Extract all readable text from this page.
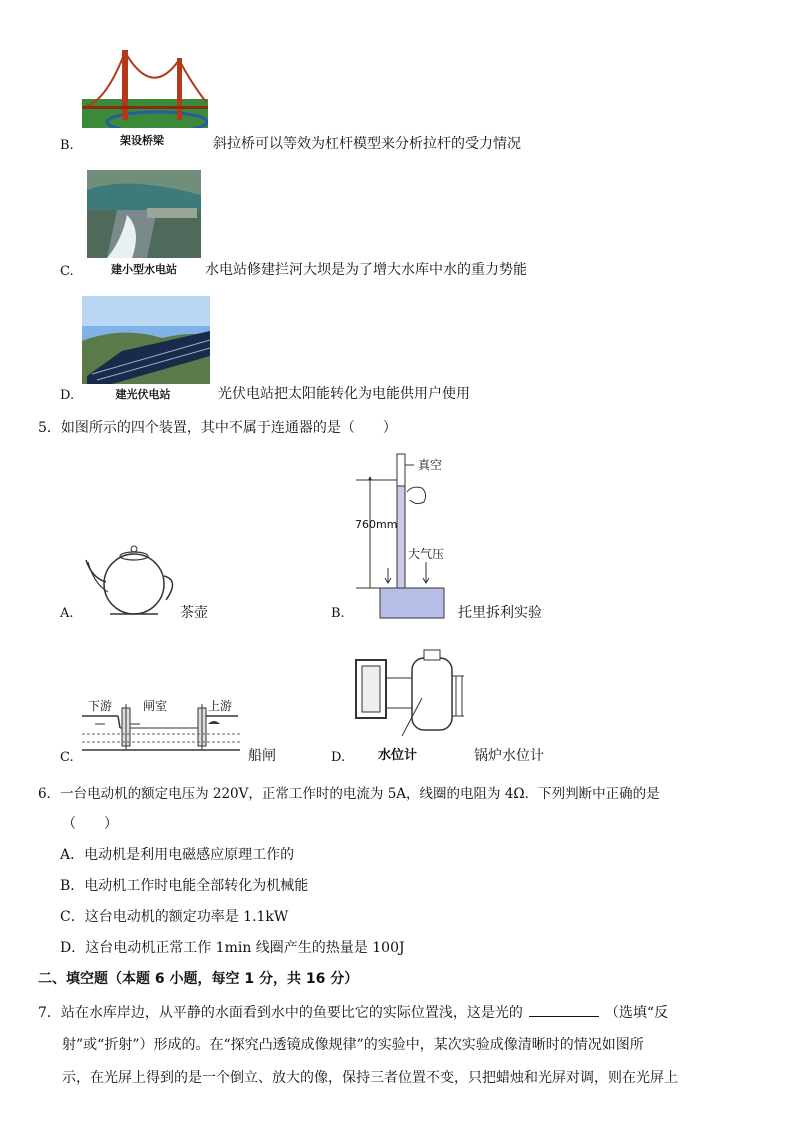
架设桥梁
B.	斜拉桥可以等效为杠杆模型来分析拉杆的受力情况
建小型水电站
C.	水电站修建拦河大坝是为了增大水库中水的重力势能
建光伏电站
D.	光伏电站把太阳能转化为电能供用户使用
5．如图所示的四个装置，其中不属于连通器的是（　　）
A.	茶壶
真空
760mm
大气压
B.	托里拆利实验
下游	闸室	上游
C.	船闸	水位计
D.	锅炉水位计
6．一台电动机的额定电压为 220V，正常工作时的电流为 5A，线圈的电阻为 4Ω．下列判断中正确的是
（　　）
A．电动机是利用电磁感应原理工作的
B．电动机工作时电能全部转化为机械能
C．这台电动机的额定功率是 1.1kW
D．这台电动机正常工作 1min 线圈产生的热量是 100J
二、填空题（本题 6 小题，每空 1 分，共 16 分）
7．站在水库岸边，从平静的水面看到水中的鱼要比它的实际位置浅，这是光的	（选填“反
射”或“折射”）形成的。在“探究凸透镜成像规律”的实验中，某次实验成像清晰时的情况如图所
示，在光屏上得到的是一个倒立、放大的像，保持三者位置不变，只把蜡烛和光屏对调，则在光屏上
